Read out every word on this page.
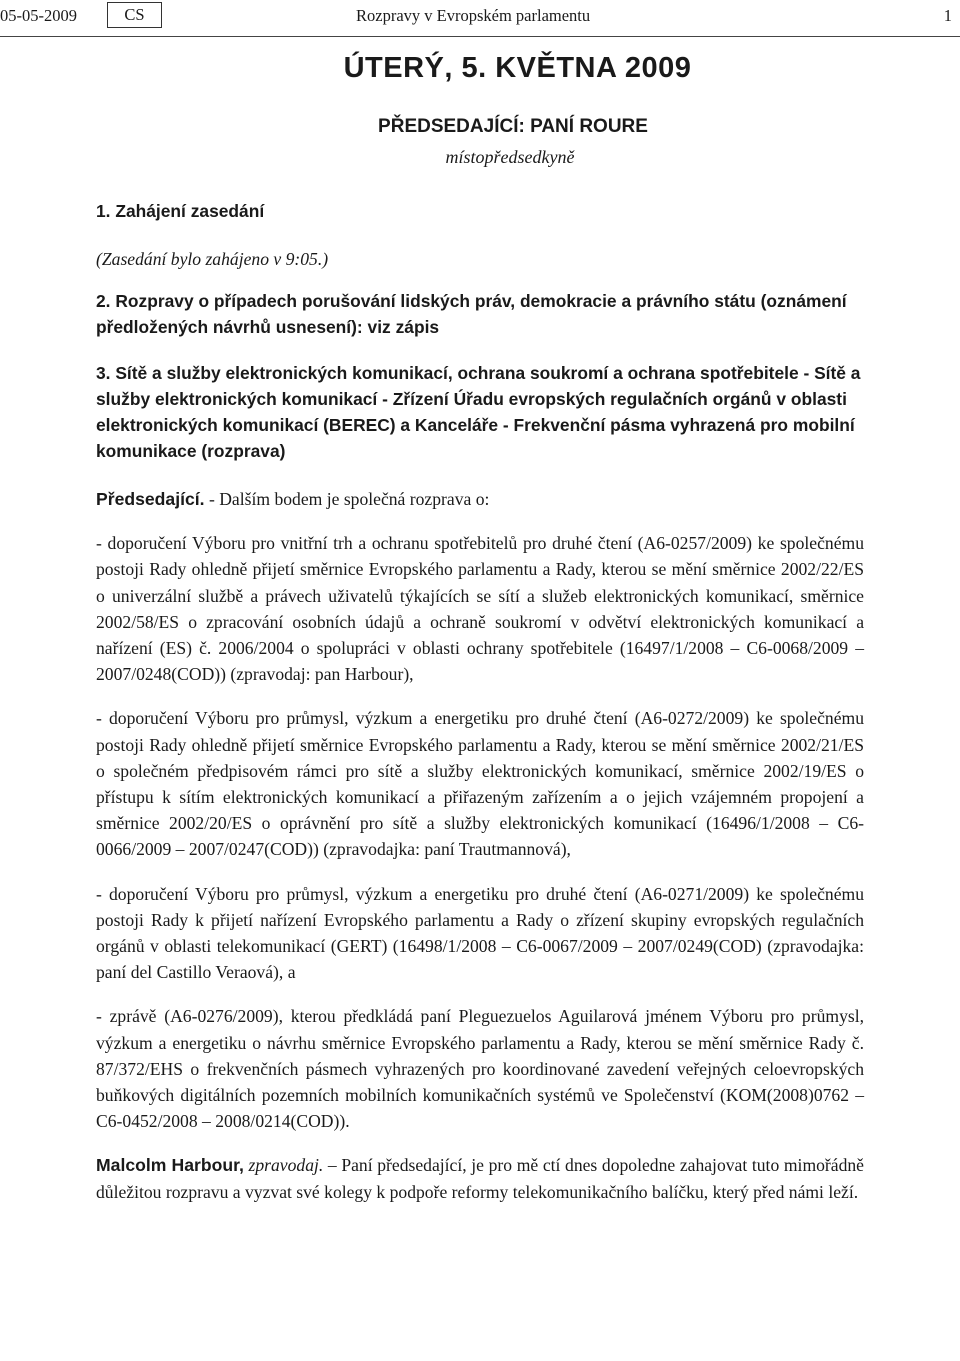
05-05-2009	CS	Rozpravy v Evropském parlamentu	1
ÚTERÝ, 5. KVĚTNA 2009
PŘEDSEDAJÍCÍ: PANÍ ROURE
místopředsedkyně

1. Zahájení zasedání

(Zasedání bylo zahájeno v 9:05.)

2. Rozpravy o případech porušování lidských práv, demokracie a právního státu (oznámení předložených návrhů usnesení): viz zápis

3. Sítě a služby elektronických komunikací, ochrana soukromí a ochrana spotřebitele - Sítě a služby elektronických komunikací - Zřízení Úřadu evropských regulačních orgánů v oblasti elektronických komunikací (BEREC) a Kanceláře - Frekvenční pásma vyhrazená pro mobilní komunikace (rozprava)

Předsedající. - Dalším bodem je společná rozprava o:

- doporučení Výboru pro vnitřní trh a ochranu spotřebitelů pro druhé čtení (A6-0257/2009) ke společnému postoji Rady ohledně přijetí směrnice Evropského parlamentu a Rady, kterou se mění směrnice 2002/22/ES o univerzální službě a právech uživatelů týkajících se sítí a služeb elektronických komunikací, směrnice 2002/58/ES o zpracování osobních údajů a ochraně soukromí v odvětví elektronických komunikací a nařízení (ES) č. 2006/2004 o spolupráci v oblasti ochrany spotřebitele (16497/1/2008 – C6-0068/2009 – 2007/0248(COD)) (zpravodaj: pan Harbour),

- doporučení Výboru pro průmysl, výzkum a energetiku pro druhé čtení (A6-0272/2009) ke společnému postoji Rady ohledně přijetí směrnice Evropského parlamentu a Rady, kterou se mění směrnice 2002/21/ES o společném předpisovém rámci pro sítě a služby elektronických komunikací, směrnice 2002/19/ES o přístupu k sítím elektronických komunikací a přiřazeným zařízením a o jejich vzájemném propojení a směrnice 2002/20/ES o oprávnění pro sítě a služby elektronických komunikací (16496/1/2008 – C6-0066/2009 – 2007/0247(COD)) (zpravodajka: paní Trautmannová),

- doporučení Výboru pro průmysl, výzkum a energetiku pro druhé čtení (A6-0271/2009) ke společnému postoji Rady k přijetí nařízení Evropského parlamentu a Rady o zřízení skupiny evropských regulačních orgánů v oblasti telekomunikací (GERT) (16498/1/2008 – C6-0067/2009 – 2007/0249(COD) (zpravodajka: paní del Castillo Veraová), a

- zprávě (A6-0276/2009), kterou předkládá paní Pleguezuelos Aguilarová jménem Výboru pro průmysl, výzkum a energetiku o návrhu směrnice Evropského parlamentu a Rady, kterou se mění směrnice Rady č. 87/372/EHS o frekvenčních pásmech vyhrazených pro koordinované zavedení veřejných celoevropských buňkových digitálních pozemních mobilních komunikačních systémů ve Společenství (KOM(2008)0762 – C6-0452/2008 – 2008/0214(COD)).

Malcolm Harbour, zpravodaj. – Paní předsedající, je pro mě ctí dnes dopoledne zahajovat tuto mimořádně důležitou rozpravu a vyzvat své kolegy k podpoře reformy telekomunikačního balíčku, který před námi leží.
